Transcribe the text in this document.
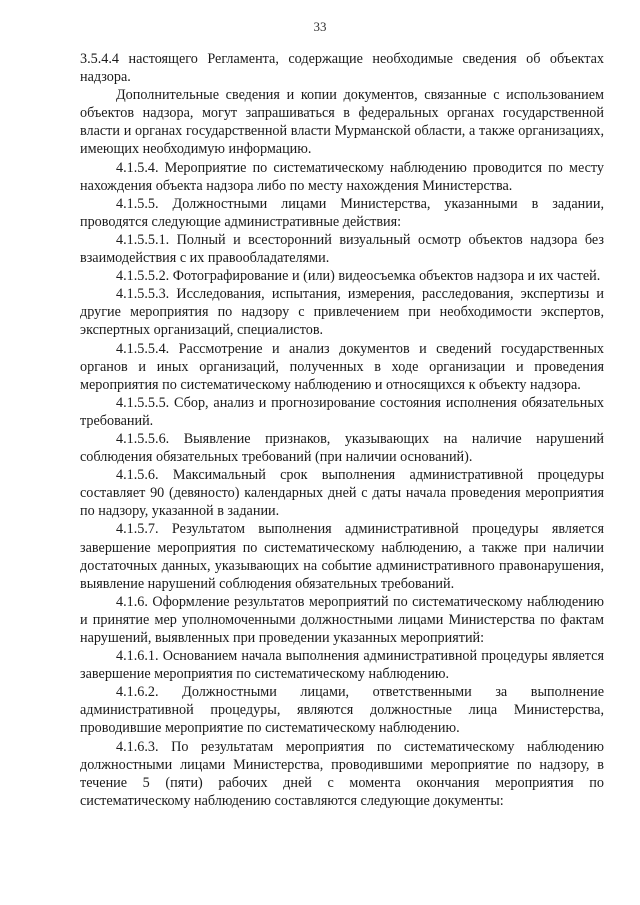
33

3.5.4.4 настоящего Регламента, содержащие необходимые сведения об объектах надзора.

Дополнительные сведения и копии документов, связанные с использованием объектов надзора, могут запрашиваться в федеральных органах государственной власти и органах государственной власти Мурманской области, а также организациях, имеющих необходимую информацию.

4.1.5.4. Мероприятие по систематическому наблюдению проводится по месту нахождения объекта надзора либо по месту нахождения Министерства.

4.1.5.5. Должностными лицами Министерства, указанными в задании, проводятся следующие административные действия:

4.1.5.5.1. Полный и всесторонний визуальный осмотр объектов надзора без взаимодействия с их правообладателями.

4.1.5.5.2. Фотографирование и (или) видеосъемка объектов надзора и их частей.

4.1.5.5.3. Исследования, испытания, измерения, расследования, экспертизы и другие мероприятия по надзору с привлечением при необходимости экспертов, экспертных организаций, специалистов.

4.1.5.5.4. Рассмотрение и анализ документов и сведений государственных органов и иных организаций, полученных в ходе организации и проведения мероприятия по систематическому наблюдению и относящихся к объекту надзора.

4.1.5.5.5. Сбор, анализ и прогнозирование состояния исполнения обязательных требований.

4.1.5.5.6. Выявление признаков, указывающих на наличие нарушений соблюдения обязательных требований (при наличии оснований).

4.1.5.6. Максимальный срок выполнения административной процедуры составляет 90 (девяносто) календарных дней с даты начала проведения мероприятия по надзору, указанной в задании.

4.1.5.7. Результатом выполнения административной процедуры является завершение мероприятия по систематическому наблюдению, а также при наличии достаточных данных, указывающих на событие административного правонарушения, выявление нарушений соблюдения обязательных требований.

4.1.6. Оформление результатов мероприятий по систематическому наблюдению и принятие мер уполномоченными должностными лицами Министерства по фактам нарушений, выявленных при проведении указанных мероприятий:

4.1.6.1. Основанием начала выполнения административной процедуры является завершение мероприятия по систематическому наблюдению.

4.1.6.2. Должностными лицами, ответственными за выполнение административной процедуры, являются должностные лица Министерства, проводившие мероприятие по систематическому наблюдению.

4.1.6.3. По результатам мероприятия по систематическому наблюдению должностными лицами Министерства, проводившими мероприятие по надзору, в течение 5 (пяти) рабочих дней с момента окончания мероприятия по систематическому наблюдению составляются следующие документы:
